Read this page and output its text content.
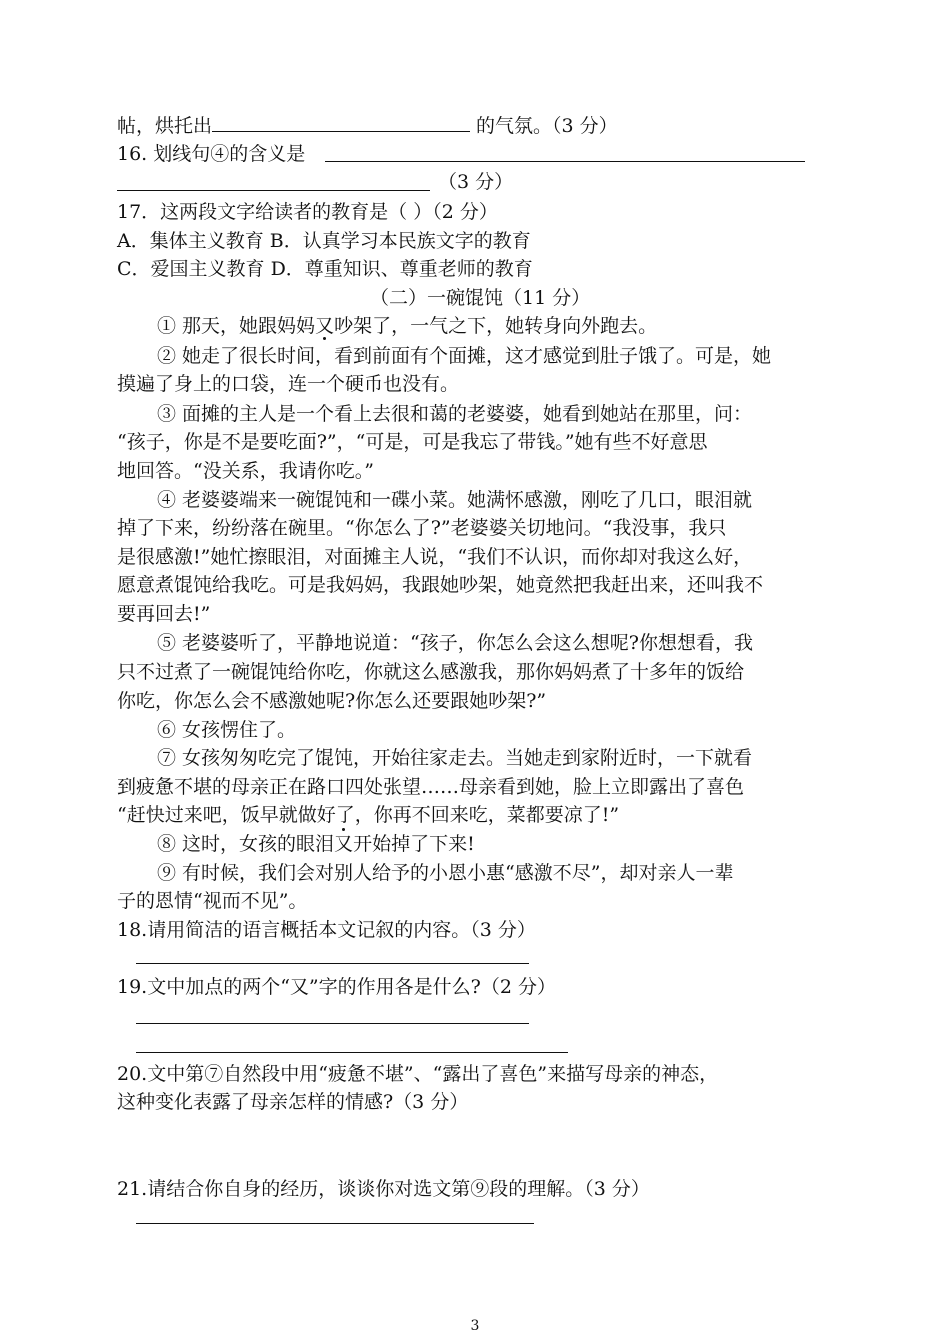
帖，烘托出	的气氛。（3 分）
16. 划线句④的含义是
（3 分）
17．这两段文字给读者的教育是（ ）（2 分）
A．集体主义教育 B．认真学习本民族文字的教育
C．爱国主义教育 D．尊重知识、尊重老师的教育
（二）一碗馄饨（11 分）
① 那天，她跟妈妈又吵架了，一气之下，她转身向外跑去。
② 她走了很长时间，看到前面有个面摊，这才感觉到肚子饿了。可是，她
摸遍了身上的口袋，连一个硬币也没有。
③ 面摊的主人是一个看上去很和蔼的老婆婆，她看到她站在那里，问：
“孩子，你是不是要吃面?”，“可是，可是我忘了带钱。”她有些不好意思
地回答。“没关系，我请你吃。”
④ 老婆婆端来一碗馄饨和一碟小菜。她满怀感激，刚吃了几口，眼泪就
掉了下来，纷纷落在碗里。“你怎么了?”老婆婆关切地问。“我没事，我只
是很感激!”她忙擦眼泪，对面摊主人说，“我们不认识，而你却对我这么好，
愿意煮馄饨给我吃。可是我妈妈，我跟她吵架，她竟然把我赶出来，还叫我不
要再回去!”
⑤ 老婆婆听了，平静地说道：“孩子，你怎么会这么想呢?你想想看，我
只不过煮了一碗馄饨给你吃，你就这么感激我，那你妈妈煮了十多年的饭给
你吃，你怎么会不感激她呢?你怎么还要跟她吵架?”
⑥ 女孩愣住了。
⑦ 女孩匆匆吃完了馄饨，开始往家走去。当她走到家附近时，一下就看
到疲惫不堪的母亲正在路口四处张望……母亲看到她，脸上立即露出了喜色
“赶快过来吧，饭早就做好了，你再不回来吃，菜都要凉了!”
⑧ 这时，女孩的眼泪又开始掉了下来!
⑨ 有时候，我们会对别人给予的小恩小惠“感激不尽”，却对亲人一辈
子的恩情“视而不见”。
18.请用简洁的语言概括本文记叙的内容。（3 分）
19.文中加点的两个“又”字的作用各是什么?（2 分）
20.文中第⑦自然段中用“疲惫不堪”、“露出了喜色”来描写母亲的神态，
这种变化表露了母亲怎样的情感?（3 分）
21.请结合你自身的经历，谈谈你对选文第⑨段的理解。（3 分）
3
